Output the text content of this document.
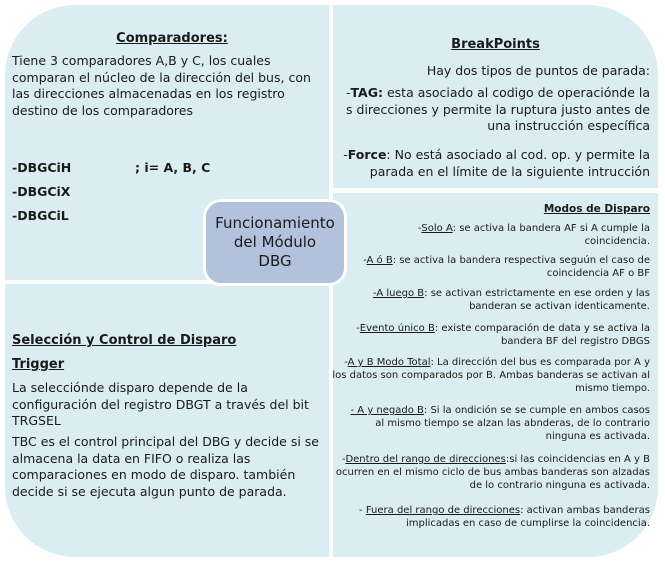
Comparadores:
Tiene 3 comparadores A,B y C, los cuales comparan el núcleo de la dirección del bus, con las direcciones almacenadas en los registro destino de los comparadores
-DBGCiH	; i= A, B, C
-DBGCiX
-DBGCiL
BreakPoints
Hay dos tipos de puntos de parada:
-TAG: esta asociado al codigo de operaciónde la s direcciones y permite la ruptura justo antes de una instrucción específica
-Force: No está asociado al cod. op. y permite la parada en el límite de la siguiente intrucción
Modos de Disparo
-Solo A: se activa la bandera AF si A cumple la coincidencia.
-A ó B: se activa la bandera respectiva seguún el caso de coincidencia AF o BF
-A luego B: se activan estrictamente en ese orden y las banderan se activan identicamente.
-Evento único B: existe comparación de data y se activa la bandera BF del registro DBGS
-A y B Modo Total: La dirección del bus es comparada por A y los datos son comparados por B. Ambas banderas se activan al mismo tiempo.
- A y negado B: Si la ondición se se cumple en ambos casos al mismo tiempo se alzan las abnderas, de lo contrario ninguna es activada.
-Dentro del rango de direcciones:si las coincidencias en A y B ocurren en el mismo ciclo de bus ambas banderas son alzadas de lo contrario ninguna es activada.
- Fuera del rango de direcciones: activan ambas banderas implicadas en caso de cumplirse la coincidencia.
Selección y Control de Disparo
Trigger
La selecciónde disparo depende de la configuración del registro DBGT a través del bit TRGSEL
TBC es el control principal del DBG y decide si se almacena la data en FIFO o realiza las comparaciones en modo de disparo. también decide si se ejecuta algun punto de parada.
Funcionamiento
del Módulo
DBG
